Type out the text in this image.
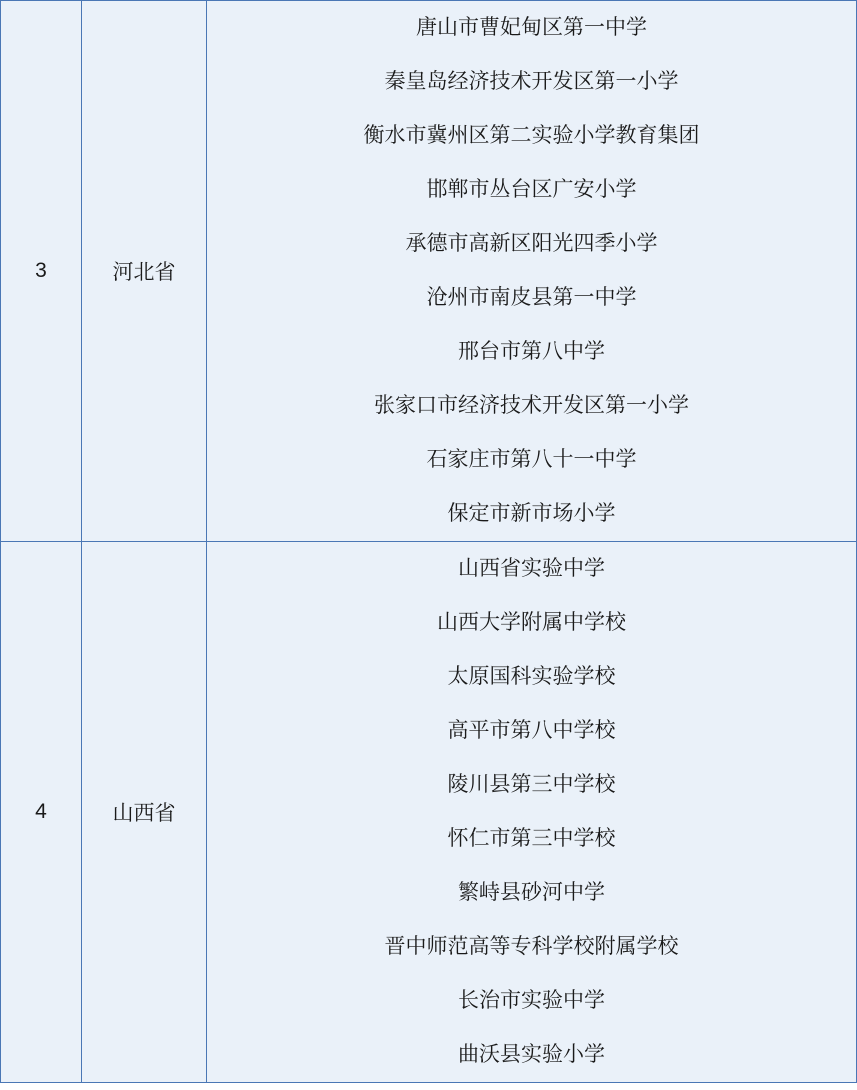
3	河北省	
唐山市曹妃甸区第一中学
秦皇岛经济技术开发区第一小学
衡水市冀州区第二实验小学教育集团
邯郸市丛台区广安小学
承德市高新区阳光四季小学
沧州市南皮县第一中学
邢台市第八中学
张家口市经济技术开发区第一小学
石家庄市第八十一中学
保定市新市场小学

4	山西省	
山西省实验中学
山西大学附属中学校
太原国科实验学校
高平市第八中学校
陵川县第三中学校
怀仁市第三中学校
繁峙县砂河中学
晋中师范高等专科学校附属学校
长治市实验中学
曲沃县实验小学
